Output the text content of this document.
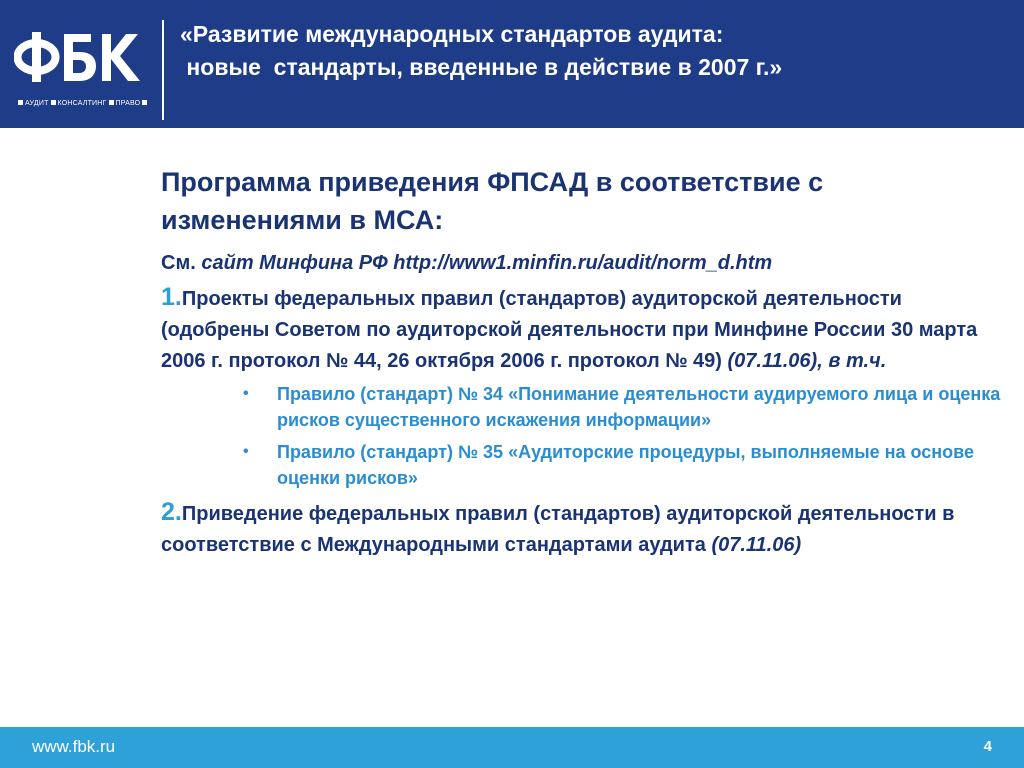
АУДИТ КОНСАЛТИНГ ПРАВО
«Развитие международных стандартов аудита:
новые  стандарты, введенные в действие в 2007 г.»
Программа приведения ФПСАД в соответствие с изменениями в МСА:
См. сайт Минфина РФ http://www1.minfin.ru/audit/norm_d.htm
1.Проекты федеральных правил (стандартов) аудиторской деятельности (одобрены Советом по аудиторской деятельности при Минфине России 30 марта 2006 г. протокол № 44, 26 октября 2006 г. протокол № 49) (07.11.06), в т.ч.
• Правило (стандарт) № 34 «Понимание деятельности аудируемого лица и оценка рисков существенного искажения информации»
• Правило (стандарт) № 35 «Аудиторские процедуры, выполняемые на основе оценки рисков»
2.Приведение федеральных правил (стандартов) аудиторской деятельности в соответствие с Международными стандартами аудита (07.11.06)
www.fbk.ru	4
